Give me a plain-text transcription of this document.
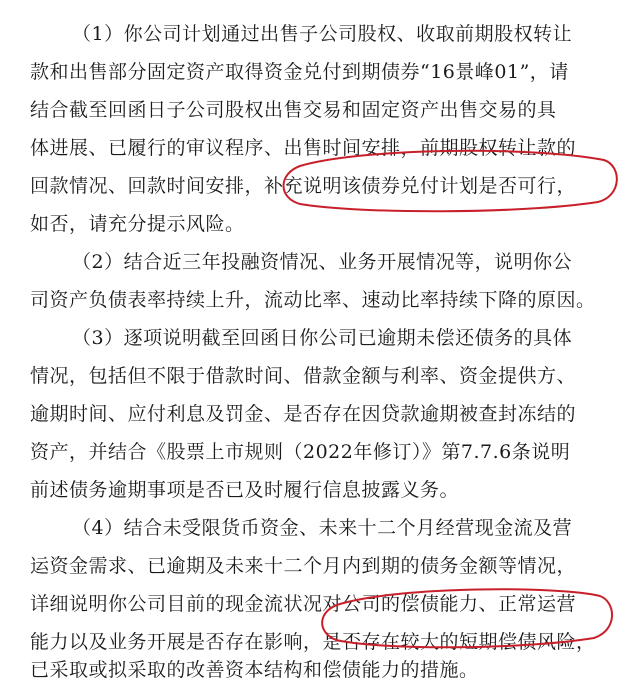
（1）你公司计划通过出售子公司股权、收取前期股权转让
款和出售部分固定资产取得资金兑付到期债券“16景峰01”，请
结合截至回函日子公司股权出售交易和固定资产出售交易的具
体进展、已履行的审议程序、出售时间安排，前期股权转让款的
回款情况、回款时间安排，补充说明该债券兑付计划是否可行，
如否，请充分提示风险。
（2）结合近三年投融资情况、业务开展情况等，说明你公
司资产负债表率持续上升，流动比率、速动比率持续下降的原因。
（3）逐项说明截至回函日你公司已逾期未偿还债务的具体
情况，包括但不限于借款时间、借款金额与利率、资金提供方、
逾期时间、应付利息及罚金、是否存在因贷款逾期被查封冻结的
资产，并结合《股票上市规则（2022年修订）》第7.7.6条说明
前述债务逾期事项是否已及时履行信息披露义务。
（4）结合未受限货币资金、未来十二个月经营现金流及营
运资金需求、已逾期及未来十二个月内到期的债务金额等情况，
详细说明你公司目前的现金流状况对公司的偿债能力、正常运营
能力以及业务开展是否存在影响，是否存在较大的短期偿债风险，
已采取或拟采取的改善资本结构和偿债能力的措施。
